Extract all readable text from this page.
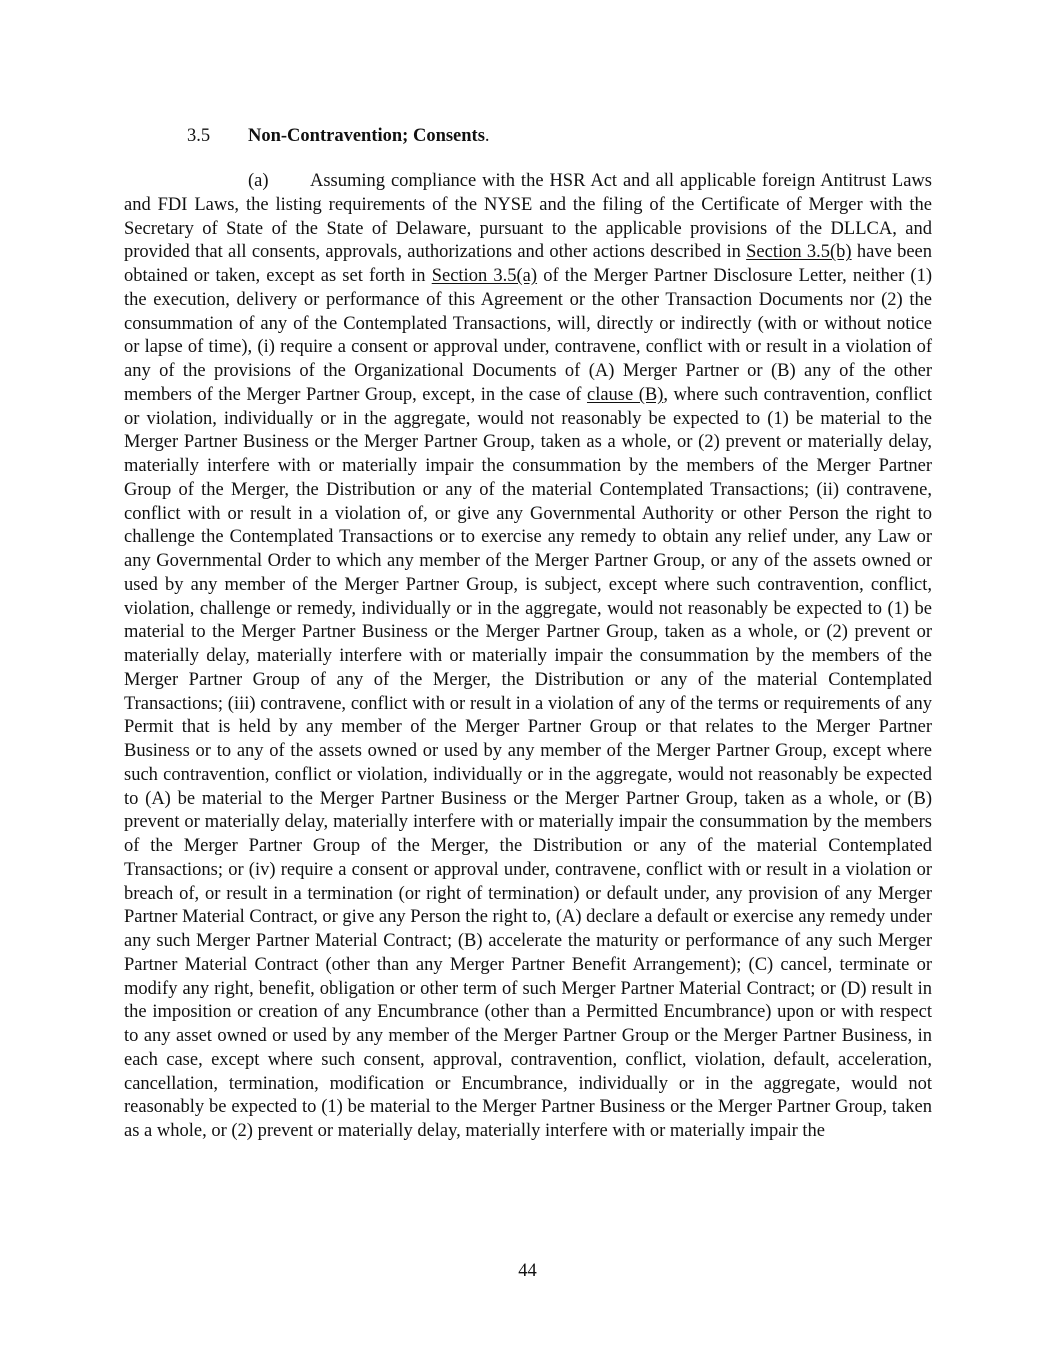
3.5 Non-Contravention; Consents.

(a) Assuming compliance with the HSR Act and all applicable foreign Antitrust Laws and FDI Laws, the listing requirements of the NYSE and the filing of the Certificate of Merger with the Secretary of State of the State of Delaware, pursuant to the applicable provisions of the DLLCA, and provided that all consents, approvals, authorizations and other actions described in Section 3.5(b) have been obtained or taken, except as set forth in Section 3.5(a) of the Merger Partner Disclosure Letter, neither (1) the execution, delivery or performance of this Agreement or the other Transaction Documents nor (2) the consummation of any of the Contemplated Transactions, will, directly or indirectly (with or without notice or lapse of time), (i) require a consent or approval under, contravene, conflict with or result in a violation of any of the provisions of the Organizational Documents of (A) Merger Partner or (B) any of the other members of the Merger Partner Group, except, in the case of clause (B), where such contravention, conflict or violation, individually or in the aggregate, would not reasonably be expected to (1) be material to the Merger Partner Business or the Merger Partner Group, taken as a whole, or (2) prevent or materially delay, materially interfere with or materially impair the consummation by the members of the Merger Partner Group of the Merger, the Distribution or any of the material Contemplated Transactions; (ii) contravene, conflict with or result in a violation of, or give any Governmental Authority or other Person the right to challenge the Contemplated Transactions or to exercise any remedy to obtain any relief under, any Law or any Governmental Order to which any member of the Merger Partner Group, or any of the assets owned or used by any member of the Merger Partner Group, is subject, except where such contravention, conflict, violation, challenge or remedy, individually or in the aggregate, would not reasonably be expected to (1) be material to the Merger Partner Business or the Merger Partner Group, taken as a whole, or (2) prevent or materially delay, materially interfere with or materially impair the consummation by the members of the Merger Partner Group of any of the Merger, the Distribution or any of the material Contemplated Transactions; (iii) contravene, conflict with or result in a violation of any of the terms or requirements of any Permit that is held by any member of the Merger Partner Group or that relates to the Merger Partner Business or to any of the assets owned or used by any member of the Merger Partner Group, except where such contravention, conflict or violation, individually or in the aggregate, would not reasonably be expected to (A) be material to the Merger Partner Business or the Merger Partner Group, taken as a whole, or (B) prevent or materially delay, materially interfere with or materially impair the consummation by the members of the Merger Partner Group of the Merger, the Distribution or any of the material Contemplated Transactions; or (iv) require a consent or approval under, contravene, conflict with or result in a violation or breach of, or result in a termination (or right of termination) or default under, any provision of any Merger Partner Material Contract, or give any Person the right to, (A) declare a default or exercise any remedy under any such Merger Partner Material Contract; (B) accelerate the maturity or performance of any such Merger Partner Material Contract (other than any Merger Partner Benefit Arrangement); (C) cancel, terminate or modify any right, benefit, obligation or other term of such Merger Partner Material Contract; or (D) result in the imposition or creation of any Encumbrance (other than a Permitted Encumbrance) upon or with respect to any asset owned or used by any member of the Merger Partner Group or the Merger Partner Business, in each case, except where such consent, approval, contravention, conflict, violation, default, acceleration, cancellation, termination, modification or Encumbrance, individually or in the aggregate, would not reasonably be expected to (1) be material to the Merger Partner Business or the Merger Partner Group, taken as a whole, or (2) prevent or materially delay, materially interfere with or materially impair the

44
